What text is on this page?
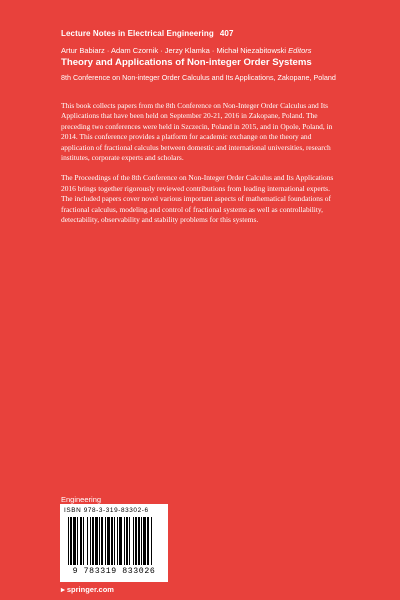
Lecture Notes in Electrical Engineering 407
Artur Babiarz · Adam Czornik · Jerzy Klamka · Michał Niezabitowski Editors
Theory and Applications of Non-integer Order Systems
8th Conference on Non-integer Order Calculus and Its Applications, Zakopane, Poland

This book collects papers from the 8th Conference on Non-Integer Order Calculus and Its Applications that have been held on September 20-21, 2016 in Zakopane, Poland. The preceding two conferences were held in Szczecin, Poland in 2015, and in Opole, Poland, in 2014. This conference provides a platform for academic exchange on the theory and application of fractional calculus between domestic and international universities, research institutes, corporate experts and scholars.

The Proceedings of the 8th Conference on Non-Integer Order Calculus and Its Applications 2016 brings together rigorously reviewed contributions from leading international experts. The included papers cover novel various important aspects of mathematical foundations of fractional calculus, modeling and control of fractional systems as well as controllability, detectability, observability and stability problems for this systems.

Engineering
ISBN 978-3-319-83302-6
9 783319 833026
▸ springer.com
